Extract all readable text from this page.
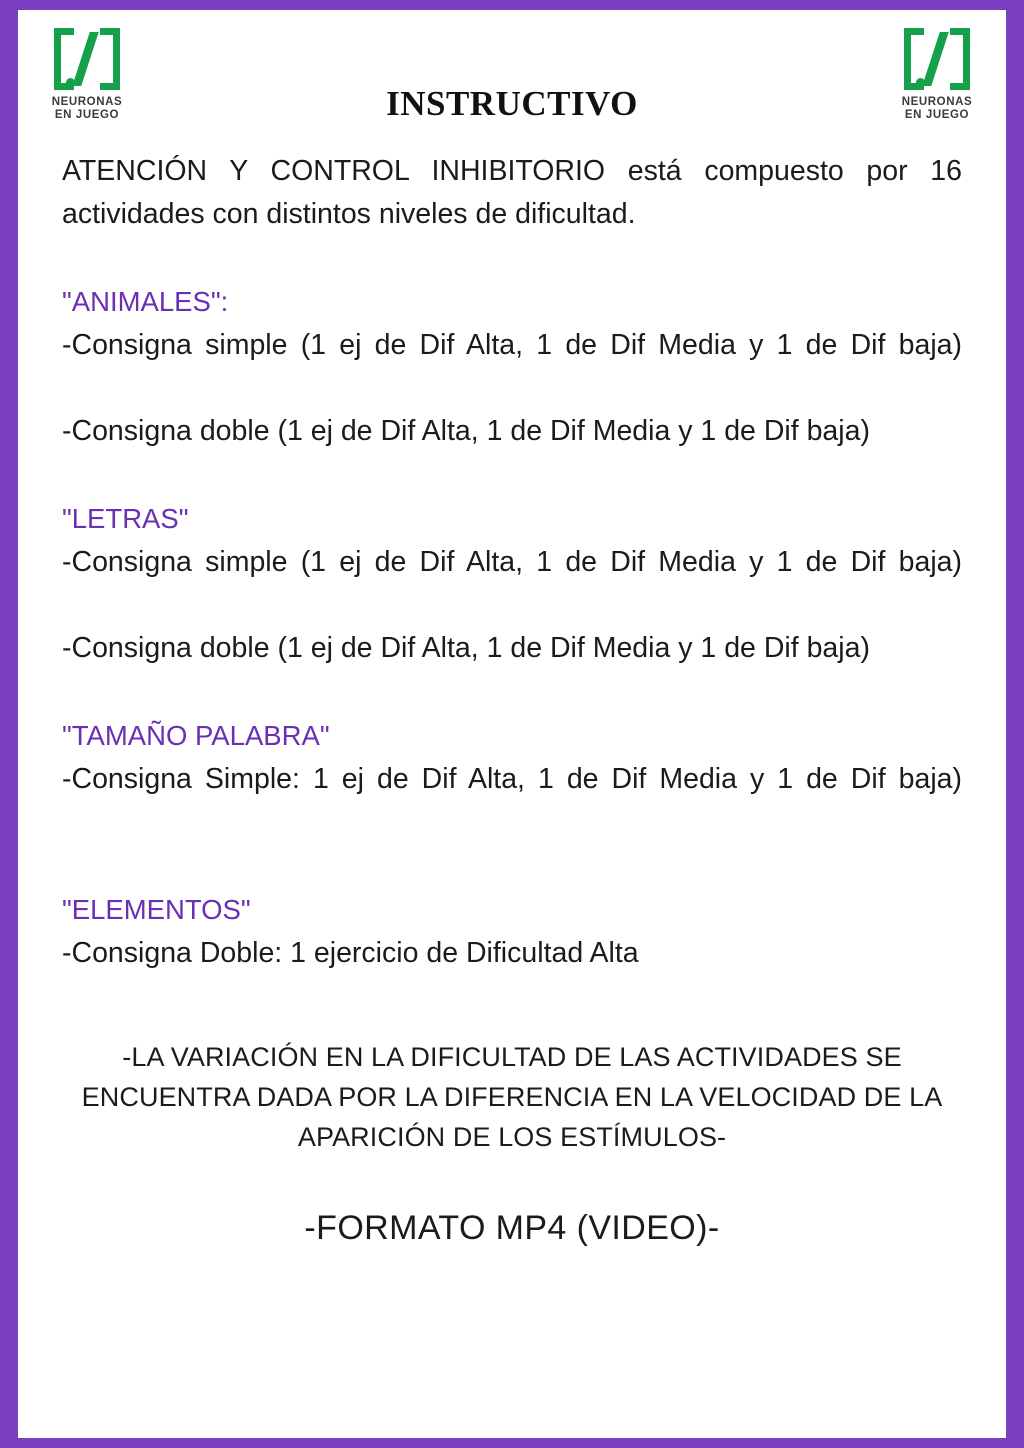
NEURONAS
EN JUEGO	INSTRUCTIVO	NEURONAS
EN JUEGO

ATENCIÓN Y CONTROL INHIBITORIO está compuesto por 16 actividades con distintos niveles de dificultad.

"ANIMALES":

-Consigna simple (1 ej de Dif Alta, 1 de Dif Media y 1 de Dif baja)

-Consigna doble (1 ej de Dif Alta, 1 de Dif Media y 1 de Dif baja)

"LETRAS"

-Consigna simple (1 ej de Dif Alta, 1 de Dif Media y 1 de Dif baja)

-Consigna doble (1 ej de Dif Alta, 1 de Dif Media y 1 de Dif baja)

"TAMAÑO PALABRA"

-Consigna Simple: 1 ej de Dif Alta, 1 de Dif Media y 1 de Dif baja)

"ELEMENTOS"

-Consigna Doble: 1 ejercicio de Dificultad Alta

-LA VARIACIÓN EN LA DIFICULTAD DE LAS ACTIVIDADES SE ENCUENTRA DADA POR LA DIFERENCIA EN LA VELOCIDAD DE LA APARICIÓN DE LOS ESTÍMULOS-
-FORMATO MP4 (VIDEO)-
